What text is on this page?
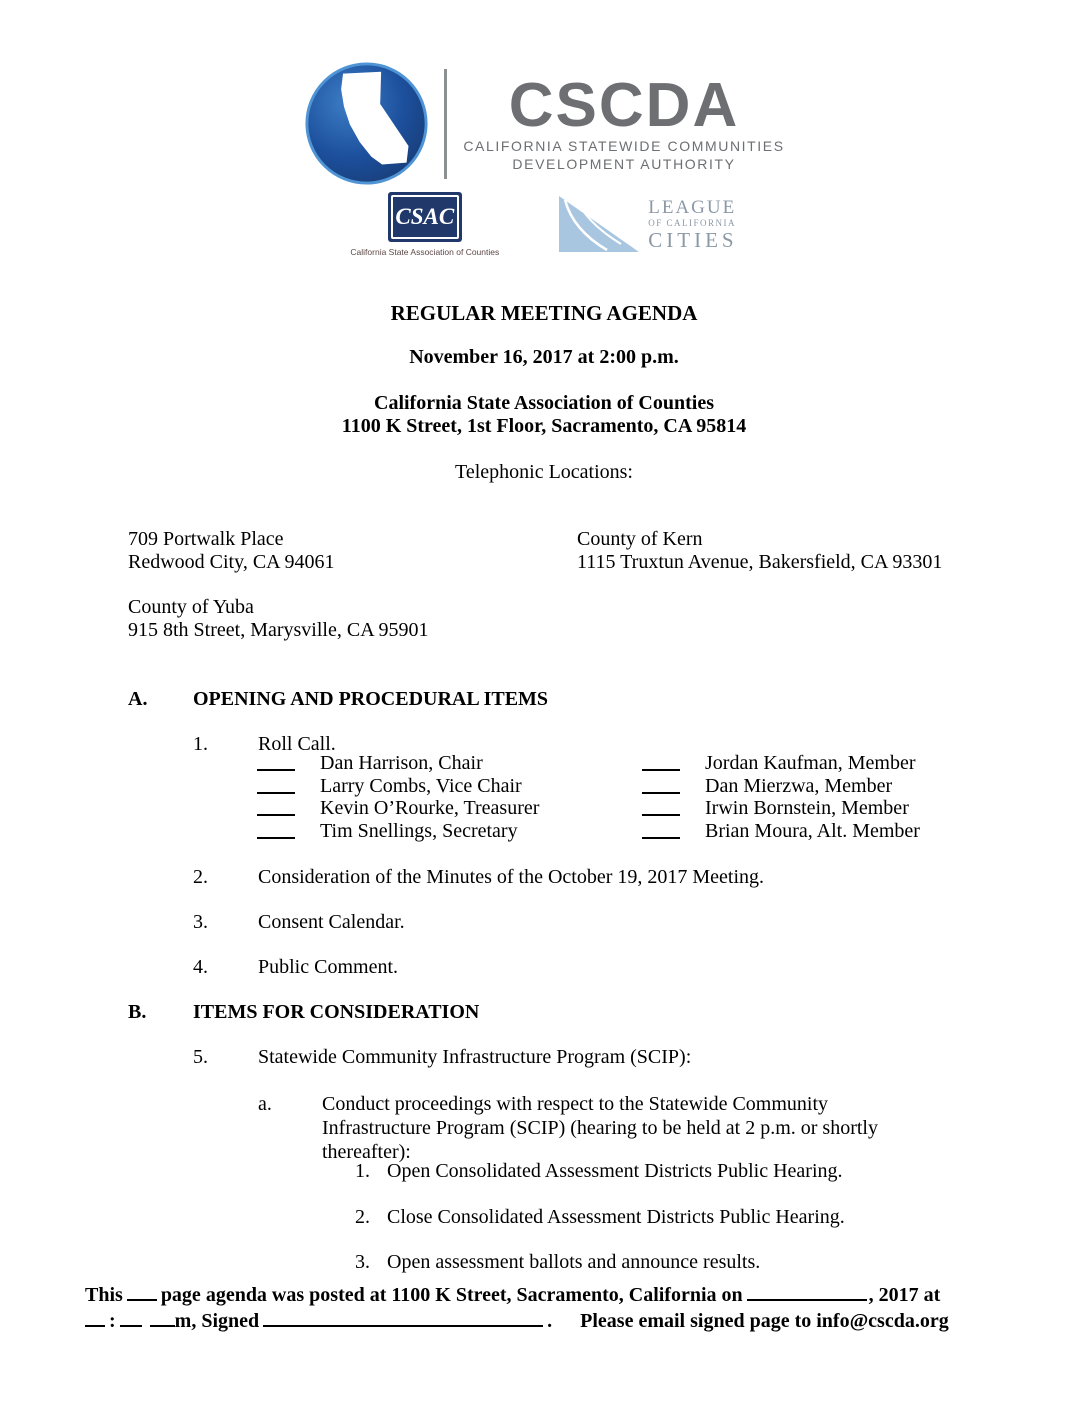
CSCDA
CALIFORNIA STATEWIDE COMMUNITIES
DEVELOPMENT AUTHORITY
CSAC
California State Association of Counties
LEAGUE
OF CALIFORNIA
CITIES
REGULAR MEETING AGENDA
November 16, 2017 at 2:00 p.m.
California State Association of Counties
1100 K Street, 1st Floor, Sacramento, CA 95814
Telephonic Locations:
709 Portwalk Place
Redwood City, CA 94061
County of Kern
1115 Truxtun Avenue, Bakersfield, CA 93301
County of Yuba
915 8th Street, Marysville, CA 95901
A.	OPENING AND PROCEDURAL ITEMS
1.	Roll Call.
Dan Harrison, Chair	Jordan Kaufman, Member
Larry Combs, Vice Chair	Dan Mierzwa, Member
Kevin O’Rourke, Treasurer	Irwin Bornstein, Member
Tim Snellings, Secretary	Brian Moura, Alt. Member
2.	Consideration of the Minutes of the October 19, 2017 Meeting.
3.	Consent Calendar.
4.	Public Comment.
B.	ITEMS FOR CONSIDERATION
5.	Statewide Community Infrastructure Program (SCIP):
a.	Conduct proceedings with respect to the Statewide Community Infrastructure Program (SCIP) (hearing to be held at 2 p.m. or shortly thereafter):
1. Open Consolidated Assessment Districts Public Hearing.
2. Close Consolidated Assessment Districts Public Hearing.
3. Open assessment ballots and announce results.
This page agenda was posted at 1100 K Street, Sacramento, California on	, 2017 at
:	m, Signed	. Please email signed page to info@cscda.org
